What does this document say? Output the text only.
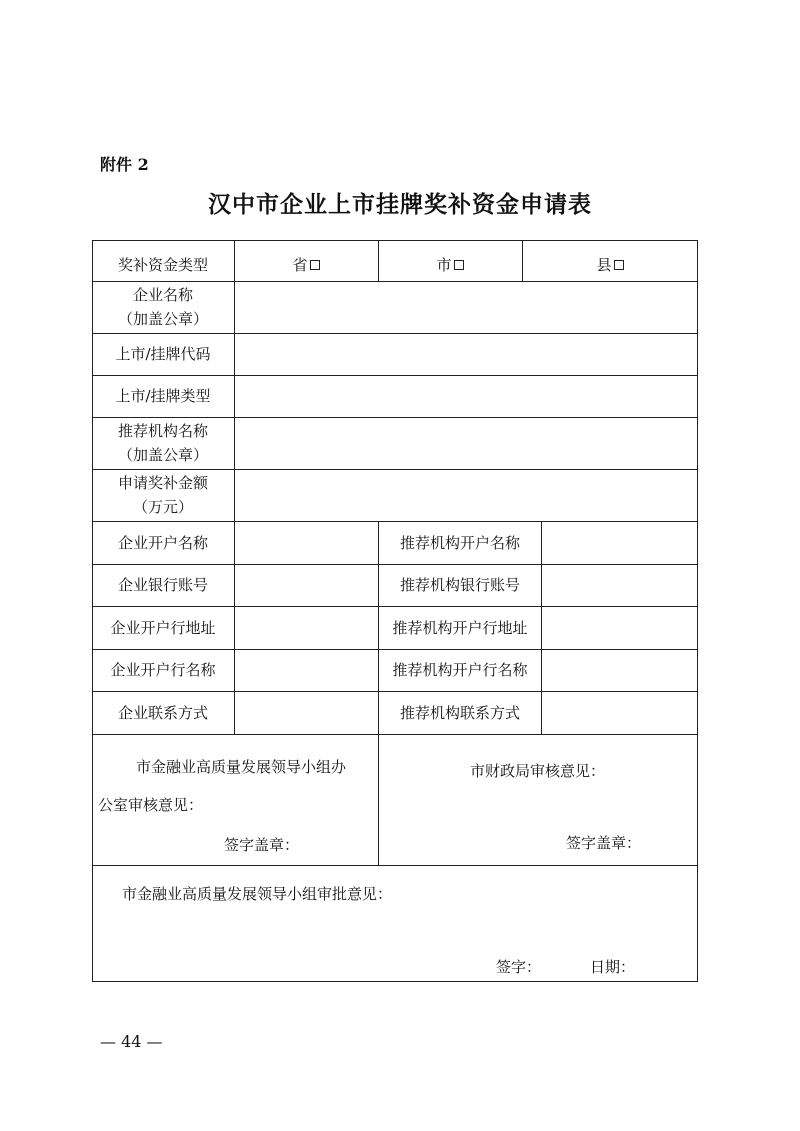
附件 2
汉中市企业上市挂牌奖补资金申请表
奖补资金类型	省	市	县
企业名称
（加盖公章）
上市/挂牌代码
上市/挂牌类型
推荐机构名称
（加盖公章）
申请奖补金额
（万元）
企业开户名称	推荐机构开户名称
企业银行账号	推荐机构银行账号
企业开户行地址	推荐机构开户行地址
企业开户行名称	推荐机构开户行名称
企业联系方式	推荐机构联系方式
市金融业高质量发展领导小组办
公室审核意见：
签字盖章：
市财政局审核意见：
签字盖章：
市金融业高质量发展领导小组审批意见：
签字：	日期：
— 44 —
